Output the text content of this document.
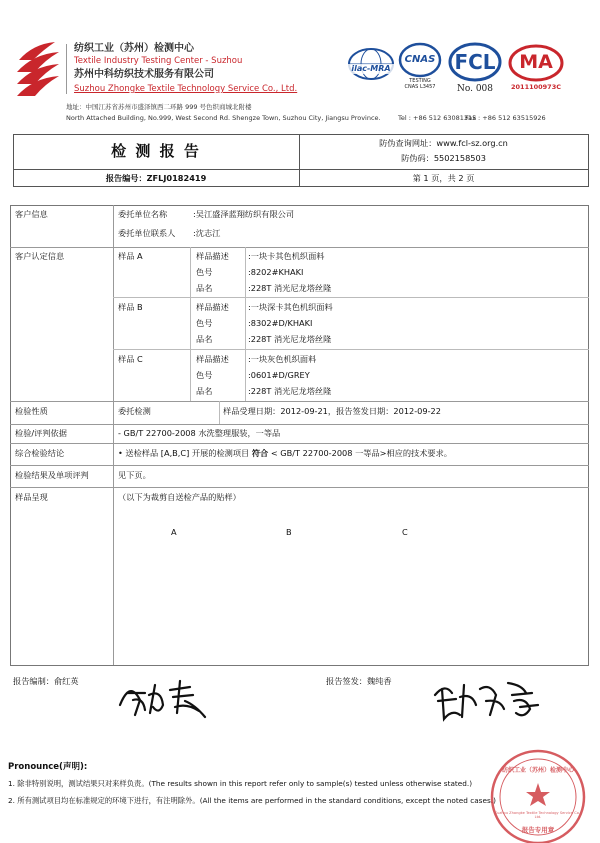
纺织工业（苏州）检测中心
Textile Industry Testing Center - Suzhou
苏州中科纺织技术服务有限公司
Suzhou Zhongke Textile Technology Service Co., Ltd.
ilac-MRA
CNAS
TESTING
CNAS L3457
FCL
No. 008
MA
2011100973C
地址：中国江苏省苏州市盛泽镇西二环路 999 号色织商城北附楼
North Attached Building, No.999, West Second Rd. Shengze Town, Suzhou City, Jiangsu Province.	Tel : +86 512 63081315
Fax : +86 512 63515926
检 测 报 告	防伪查询网址：www.fcl-sz.org.cn
防伪码：5502158503
报告编号：ZFLJ0182419	第 1 页，共 2 页
客户信息	委托单位名称	:吴江盛泽蓝翔纺织有限公司
委托单位联系人 :沈志江
客户认定信息	样品 A	样品描述 :一块卡其色机织面料
色号	:8202#KHAKI
品名	:228T 消光尼龙塔丝隆
样品 B	样品描述 :一块深卡其色机织面料
色号	:8302#D/KHAKI
品名	:228T 消光尼龙塔丝隆
样品 C	样品描述 :一块灰色机织面料
色号	:0601#D/GREY
品名	:228T 消光尼龙塔丝隆
检验性质	委托检测	样品受理日期：2012-09-21，报告签发日期：2012-09-22
检验/评判依据	- GB/T 22700-2008 水洗整理服装，一等品
综合检验结论	• 送检样品 [A,B,C] 开展的检测项目 符合 < GB/T 22700-2008 一等品>相应的技术要求。
检验结果及单项评判	见下页。
样品呈现	（以下为裁剪自送检产品的贴样）
A	B	C
报告编制：俞红英	报告签发：魏纯香
Pronounce(声明):
1. 除非特别说明，测试结果只对来样负责。(The results shown in this report refer only to sample(s) tested unless otherwise stated.)
2. 所有测试项目均在标准规定的环境下进行，有注明除外。(All the items are performed in the standard conditions, except the noted cases.)
纺织工业（苏州）检测中心
Suzhou Zhongke Textile Technology Service Co., Ltd.
报告专用章
